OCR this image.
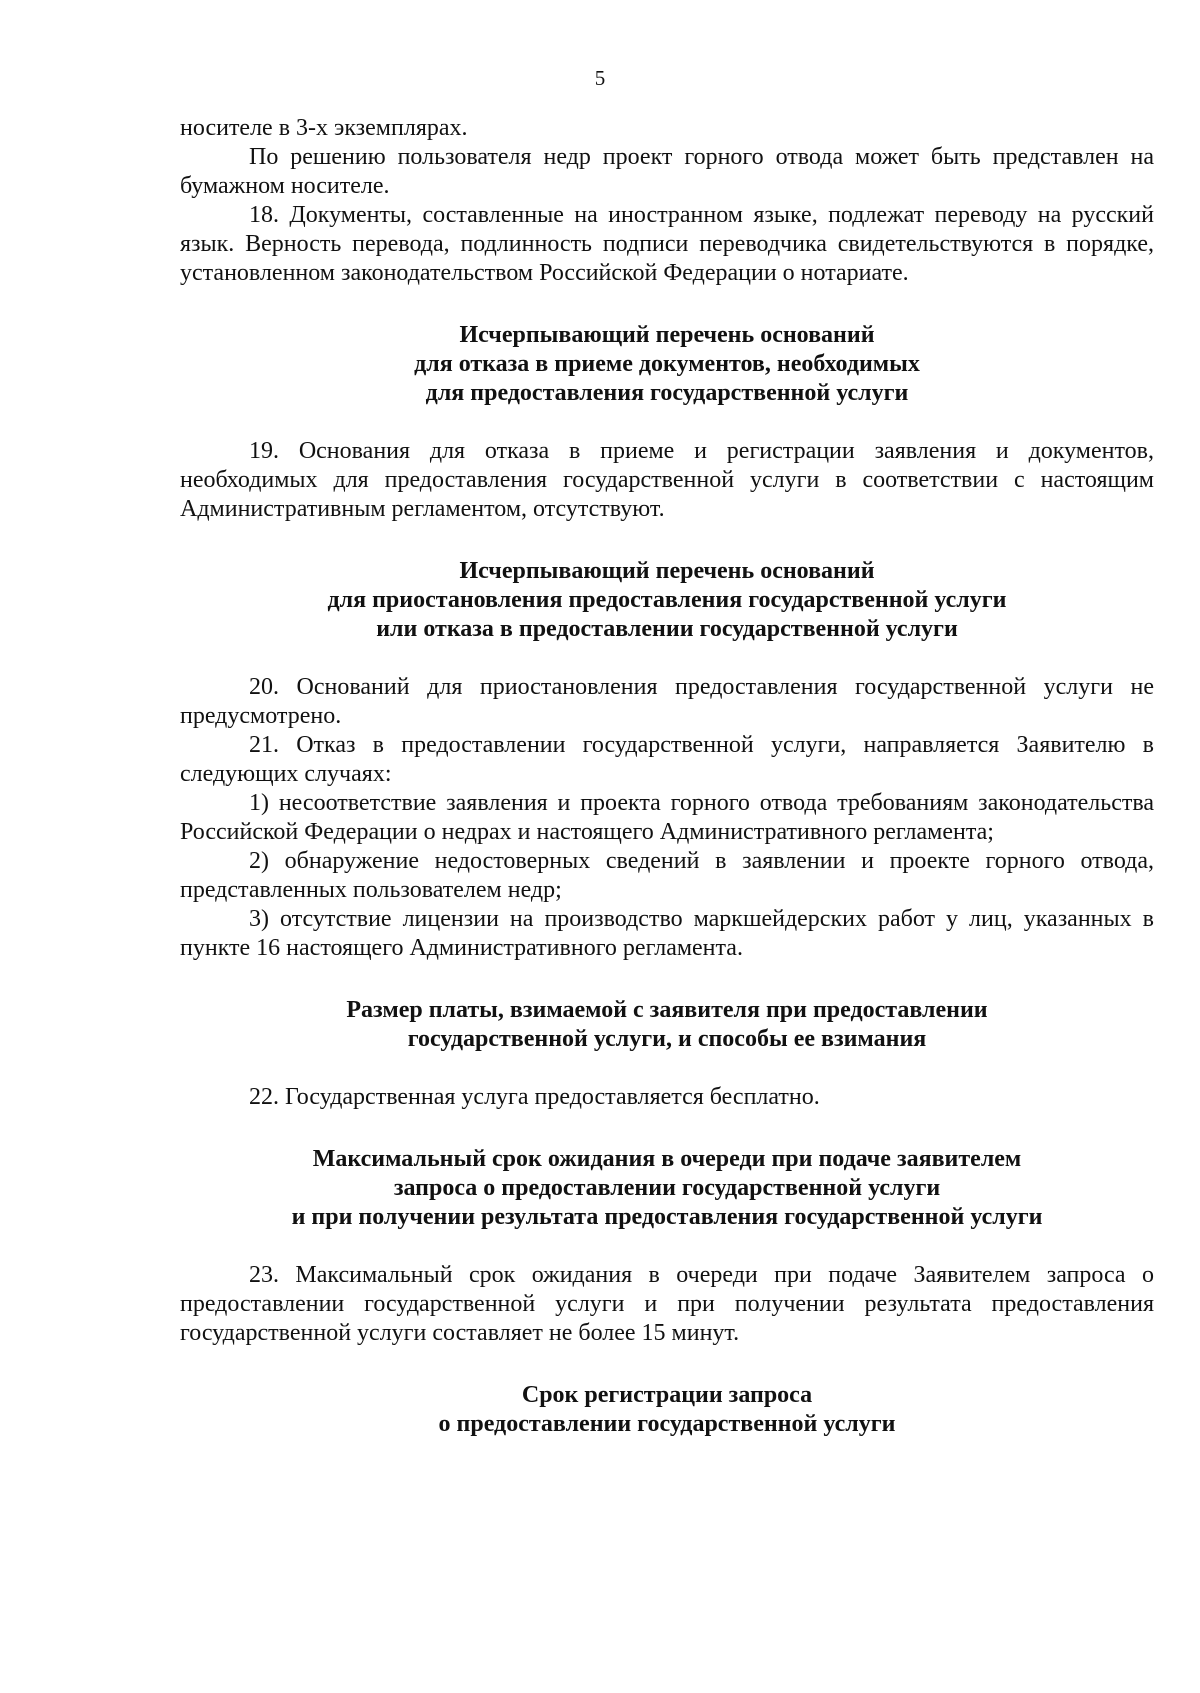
5

носителе в 3-х экземплярах.

По решению пользователя недр проект горного отвода может быть представлен на бумажном носителе.

18. Документы, составленные на иностранном языке, подлежат переводу на русский язык. Верность перевода, подлинность подписи переводчика свидетельствуются в порядке, установленном законодательством Российской Федерации о нотариате.

Исчерпывающий перечень оснований
для отказа в приеме документов, необходимых
для предоставления государственной услуги

19. Основания для отказа в приеме и регистрации заявления и документов, необходимых для предоставления государственной услуги в соответствии с настоящим Административным регламентом, отсутствуют.

Исчерпывающий перечень оснований
для приостановления предоставления государственной услуги
или отказа в предоставлении государственной услуги

20. Оснований для приостановления предоставления государственной услуги не предусмотрено.

21. Отказ в предоставлении государственной услуги, направляется Заявителю в следующих случаях:

1) несоответствие заявления и проекта горного отвода требованиям законодательства Российской Федерации о недрах и настоящего Административного регламента;

2) обнаружение недостоверных сведений в заявлении и проекте горного отвода, представленных пользователем недр;

3) отсутствие лицензии на производство маркшейдерских работ у лиц, указанных в пункте 16 настоящего Административного регламента.

Размер платы, взимаемой с заявителя при предоставлении
государственной услуги, и способы ее взимания

22. Государственная услуга предоставляется бесплатно.

Максимальный срок ожидания в очереди при подаче заявителем
запроса о предоставлении государственной услуги
и при получении результата предоставления государственной услуги

23. Максимальный срок ожидания в очереди при подаче Заявителем запроса о предоставлении государственной услуги и при получении результата предоставления государственной услуги составляет не более 15 минут.

Срок регистрации запроса
о предоставлении государственной услуги
